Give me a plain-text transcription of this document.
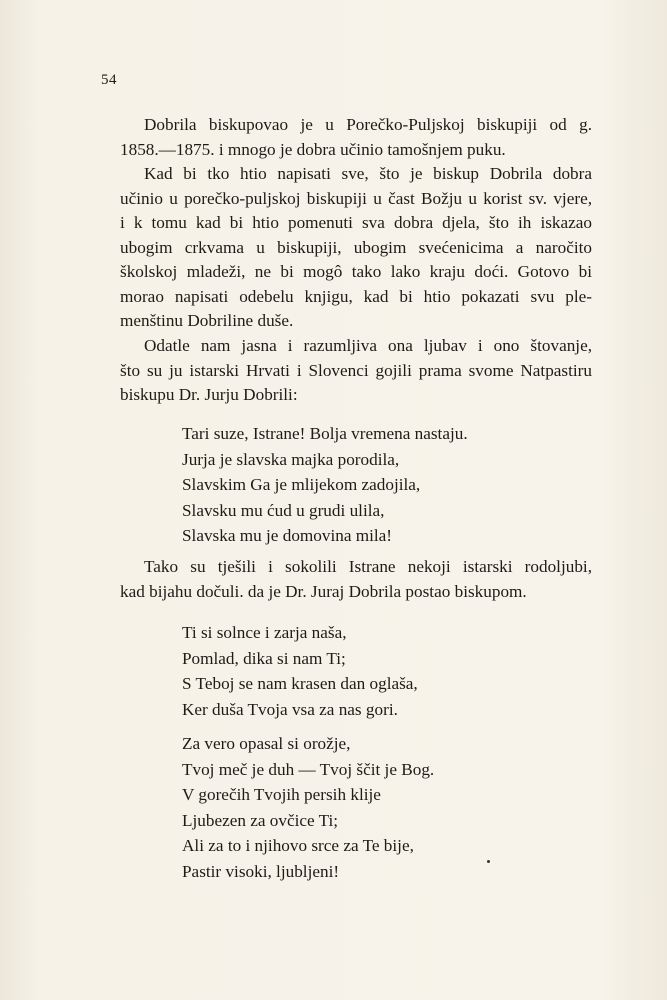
54
Dobrila biskupovao je u Porečko-Puljskoj biskupiji od g.
1858.—1875. i mnogo je dobra učinio tamošnjem puku.
Kad bi tko htio napisati sve, što je biskup Dobrila dobra
učinio u porečko-puljskoj biskupiji u čast Božju u korist sv. vjere,
i k tomu kad bi htio pomenuti sva dobra djela, što ih iskazao
ubogim crkvama u biskupiji, ubogim svećenicima a naročito
školskoj mladeži, ne bi mogô tako lako kraju doći. Gotovo bi
morao napisati odebelu knjigu, kad bi htio pokazati svu ple-
menštinu Dobriline duše.
Odatle nam jasna i razumljiva ona ljubav i ono štovanje,
što su ju istarski Hrvati i Slovenci gojili prama svome Natpastiru
biskupu Dr. Jurju Dobrili:
Tari suze, Istrane! Bolja vremena nastaju.
Jurja je slavska majka porodila,
Slavskim Ga je mlijekom zadojila,
Slavsku mu ćud u grudi ulila,
Slavska mu je domovina mila!
Tako su tješili i sokolili Istrane nekoji istarski rodoljubi,
kad bijahu dočuli. da je Dr. Juraj Dobrila postao biskupom.
Ti si solnce i zarja naša,
Pomlad, dika si nam Ti;
S Teboj se nam krasen dan oglaša,
Ker duša Tvoja vsa za nas gori.
Za vero opasal si orožje,
Tvoj meč je duh — Tvoj ščit je Bog.
V gorečih Tvojih persih klije
Ljubezen za ovčice Ti;
Ali za to i njihovo srce za Te bije,
Pastir visoki, ljubljeni!
